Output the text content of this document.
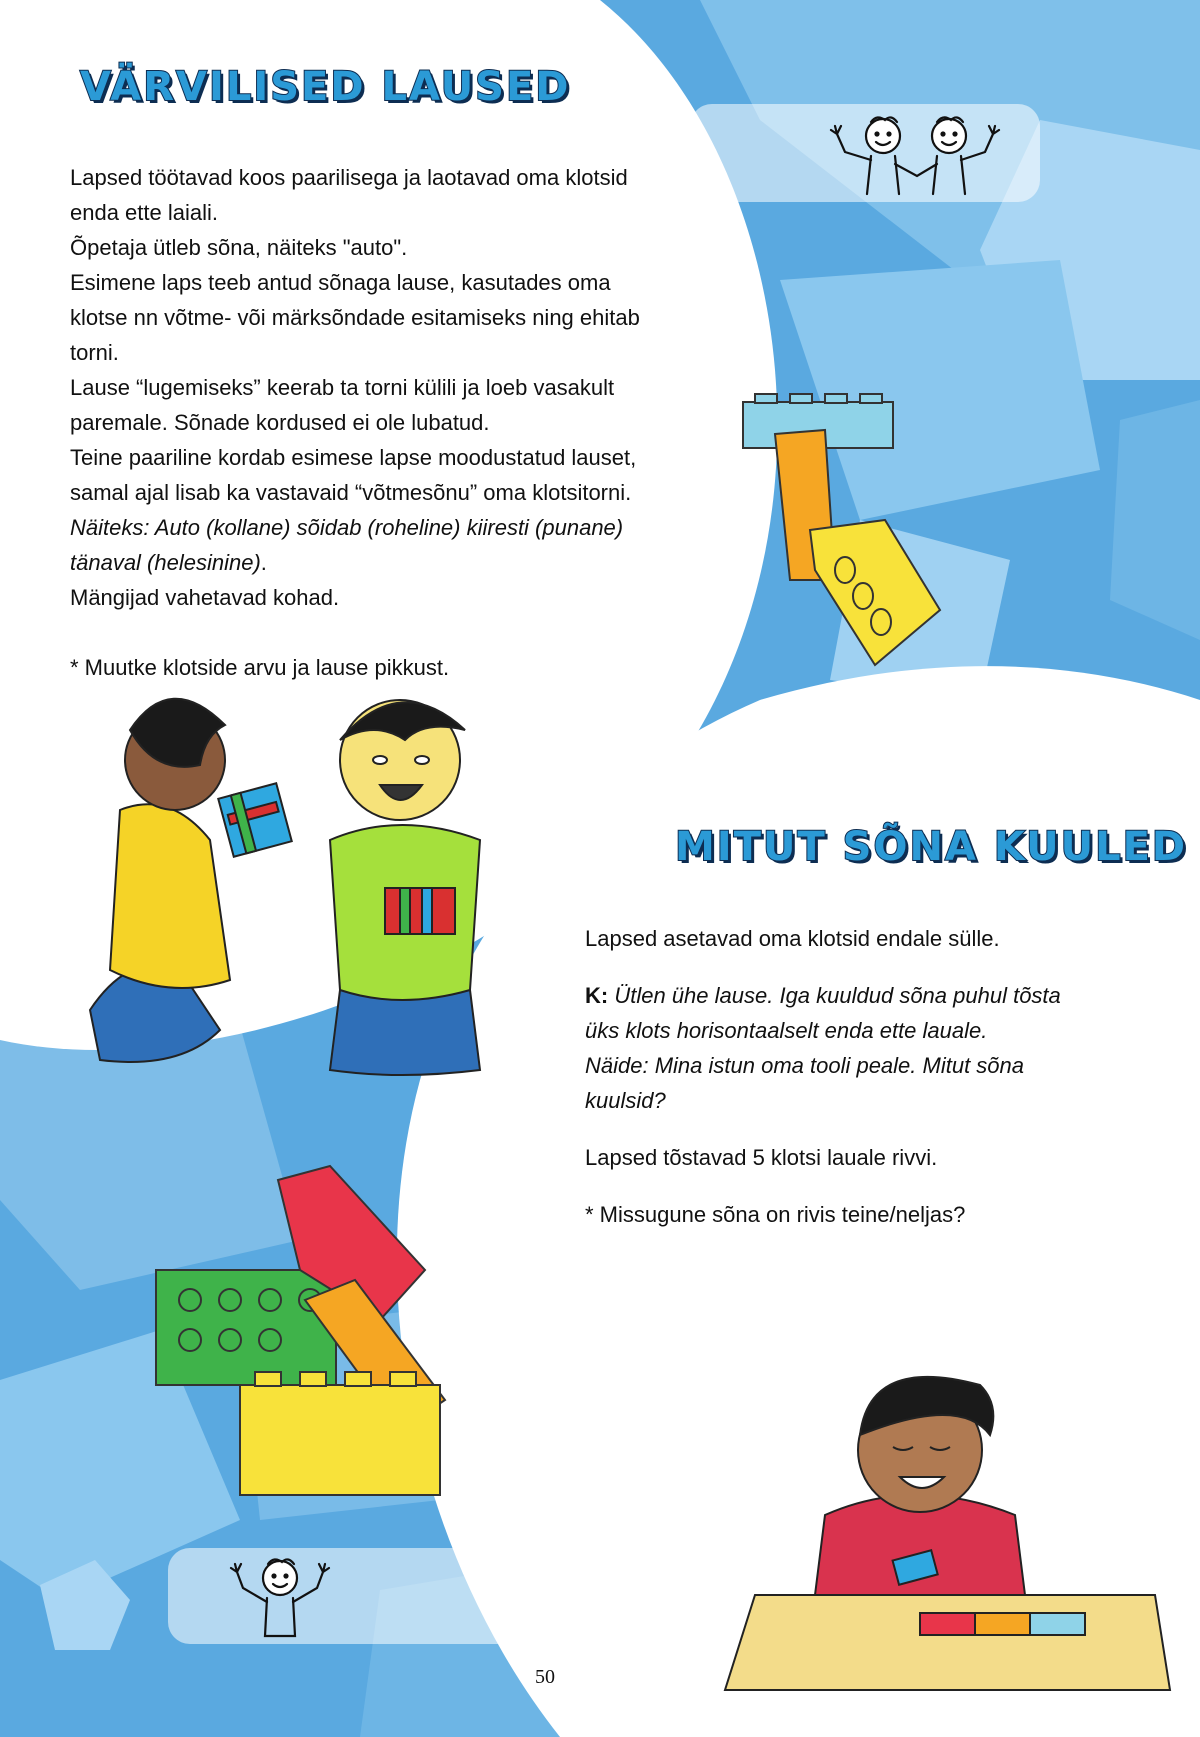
VÄRVILISED LAUSED

Lapsed töötavad koos paarilisega ja laotavad oma klotsid

enda ette laiali.

Õpetaja ütleb sõna, näiteks "auto".

Esimene laps teeb antud sõnaga lause, kasutades oma

klotse nn võtme- või märksõndade esitamiseks ning ehitab

torni.

Lause “lugemiseks” keerab ta torni külili ja loeb vasakult

paremale. Sõnade kordused ei ole lubatud.

Teine paariline kordab esimese lapse moodustatud lauset,

samal ajal lisab ka vastavaid “võtmesõnu” oma klotsitorni.

Näiteks: Auto (kollane) sõidab (roheline) kiiresti (punane)

tänaval (helesinine).

Mängijad vahetavad kohad.

* Muutke klotside arvu ja lause pikkust.

MITUT SÕNA KUULED

Lapsed asetavad oma klotsid endale sülle.

K: Ütlen ühe lause. Iga kuuldud sõna puhul tõsta

üks klots horisontaalselt enda ette lauale.

Näide: Mina istun oma tooli peale. Mitut sõna

kuulsid?

Lapsed tõstavad 5 klotsi lauale rivvi.

* Missugune sõna on rivis teine/neljas?

50
